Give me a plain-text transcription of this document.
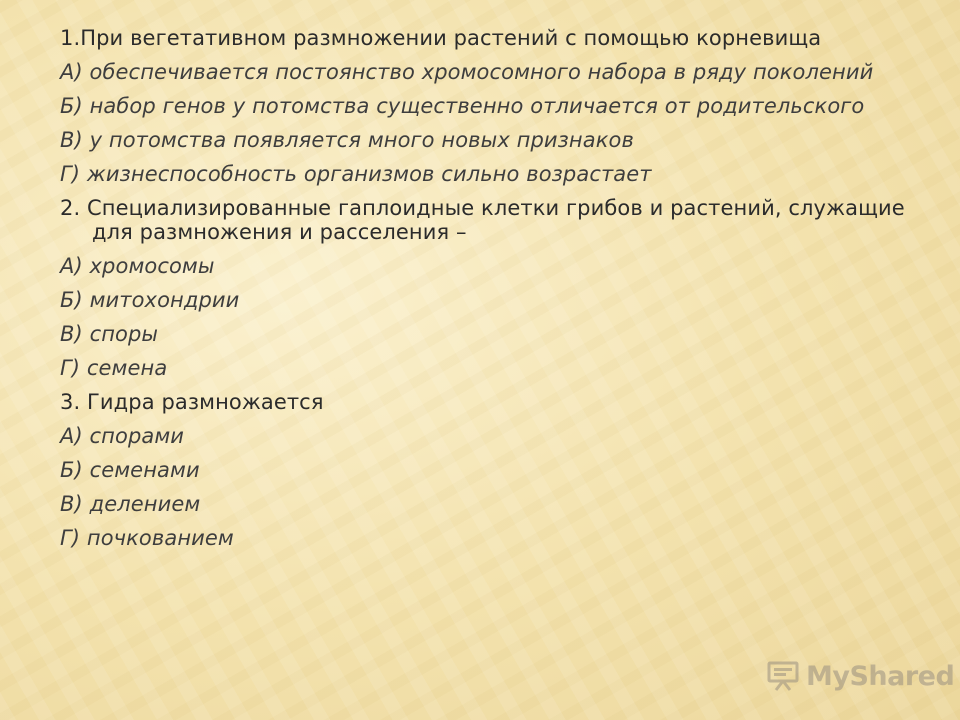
1.При вегетативном размножении растений с помощью корневища
А) обеспечивается постоянство хромосомного набора в ряду поколений
Б) набор генов у потомства существенно отличается от родительского
В) у потомства появляется много новых признаков
Г) жизнеспособность организмов сильно возрастает
2. Специализированные гаплоидные клетки грибов и растений, служащие для размножения и расселения –
А) хромосомы
Б) митохондрии
В) споры
Г) семена
3. Гидра размножается
А) спорами
Б) семенами
В) делением
Г) почкованием
MyShared
